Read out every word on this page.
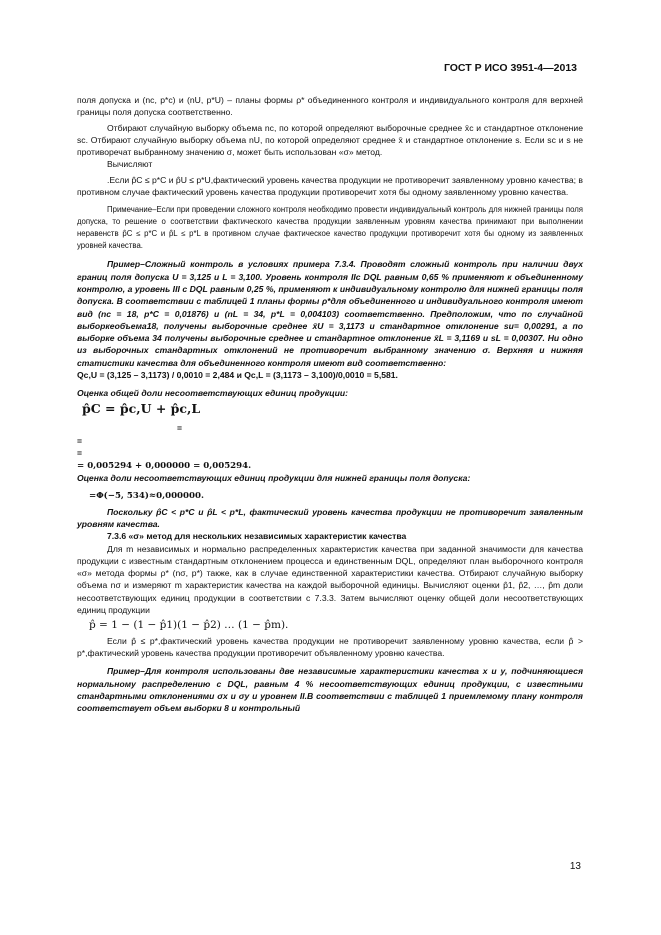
ГОСТ Р ИСО 3951-4—2013

поля допуска и (nc, p*c) и (nU, p*U) – планы формы ρ* объединенного контроля и индивидуального контроля для верхней границы поля допуска соответственно.

Отбирают случайную выборку объема nc, по которой определяют выборочные среднее x̄c и стандартное отклонение sc. Отбирают случайную выборку объема nU, по которой определяют среднее x̄ и стандартное отклонение s. Если sc и s не противоречат выбранному значению σ, может быть использован «σ» метод.

Вычисляют

.Если p̂C ≤ p*C и p̂U ≤ p*U,фактический уровень качества продукции не противоречит заявленному уровню качества; в противном случае фактический уровень качества продукции противоречит хотя бы одному заявленному уровню качества.

Примечание–Если при проведении сложного контроля необходимо провести индивидуальный контроль для нижней границы поля допуска, то решение о соответствии фактического качества продукции заявленным уровням качества принимают при выполнении неравенств p̂C ≤ p*C и p̂L ≤ p*L в противном случае фактическое качество продукции противоречит хотя бы одному из заявленных уровней качества.

Пример–Сложный контроль в условиях примера 7.3.4. Проводят сложный контроль при наличии двух границ поля допуска U = 3,125 и L = 3,100. Уровень контроля IIc DQL равным 0,65 % применяют к объединенному контролю, а уровень III с DQL равным 0,25 %, применяют к индивидуальному контролю для нижней границы поля допуска. В соответствии с таблицей 1 планы формы ρ*для объединенного и индивидуального контроля имеют вид (nc = 18, p*C = 0,01876) и (nL = 34, p*L = 0,004103) соответственно. Предположим, что по случайной выборкеобъема18, получены выборочные среднее x̄U = 3,1173 и стандартное отклонение su= 0,00291, а по выборке объема 34 получены выборочные среднее и стандартное отклонение x̄L = 3,1169 и sL = 0,00307. Ни одно из выборочных стандартных отклонений не противоречит выбранному значению σ. Верхняя и нижняя статистики качества для объединенного контроля имеют вид соответственно:

Qc,U = (3,125 – 3,1173) / 0,0010 = 2,484 и Qc,L = (3,1173 – 3,100)/0,0010 = 5,581.

Оценка общей доли несоответствующих единиц продукции:

p̂C = p̂c,U + p̂c,L

=

=

=

= 0,005294 + 0,000000 = 0,005294.

Оценка доли несоответствующих единиц продукции для нижней границы поля допуска:

=Φ(−5, 534)≈0,000000.

Поскольку p̂C < p*C и p̂L < p*L, фактический уровень качества продукции не противоречит заявленным уровням качества.

7.3.6 «σ» метод для нескольких независимых характеристик качества

Для m независимых и нормально распределенных характеристик качества при заданной значимости для качества продукции с известным стандартным отклонением процесса и единственным DQL, определяют план выборочного контроля «σ» метода формы ρ* (nσ, p*) также, как в случае единственной характеристики качества. Отбирают случайную выборку объема nσ и измеряют m характеристик качества на каждой выборочной единицы. Вычисляют оценки p̂1, p̂2, …, p̂m доли несоответствующих единиц продукции в соответствии с 7.3.3. Затем вычисляют оценку общей доли несоответствующих единиц продукции

p̂ = 1 − (1 − p̂1)(1 − p̂2) … (1 − p̂m).

Если p̂ ≤ p*,фактический уровень качества продукции не противоречит заявленному уровню качества, если p̂ > p*,фактический уровень качества продукции противоречит объявленному уровню качества.

Пример–Для контроля использованы две независимые характеристики качества x и y, подчиняющиеся нормальному распределению с DQL, равным 4 % несоответствующих единиц продукции, с известными стандартными отклонениями σx и σy и уровнем II.В соответствии с таблицей 1 приемлемому плану контроля соответствует объем выборки 8 и контрольный

13
